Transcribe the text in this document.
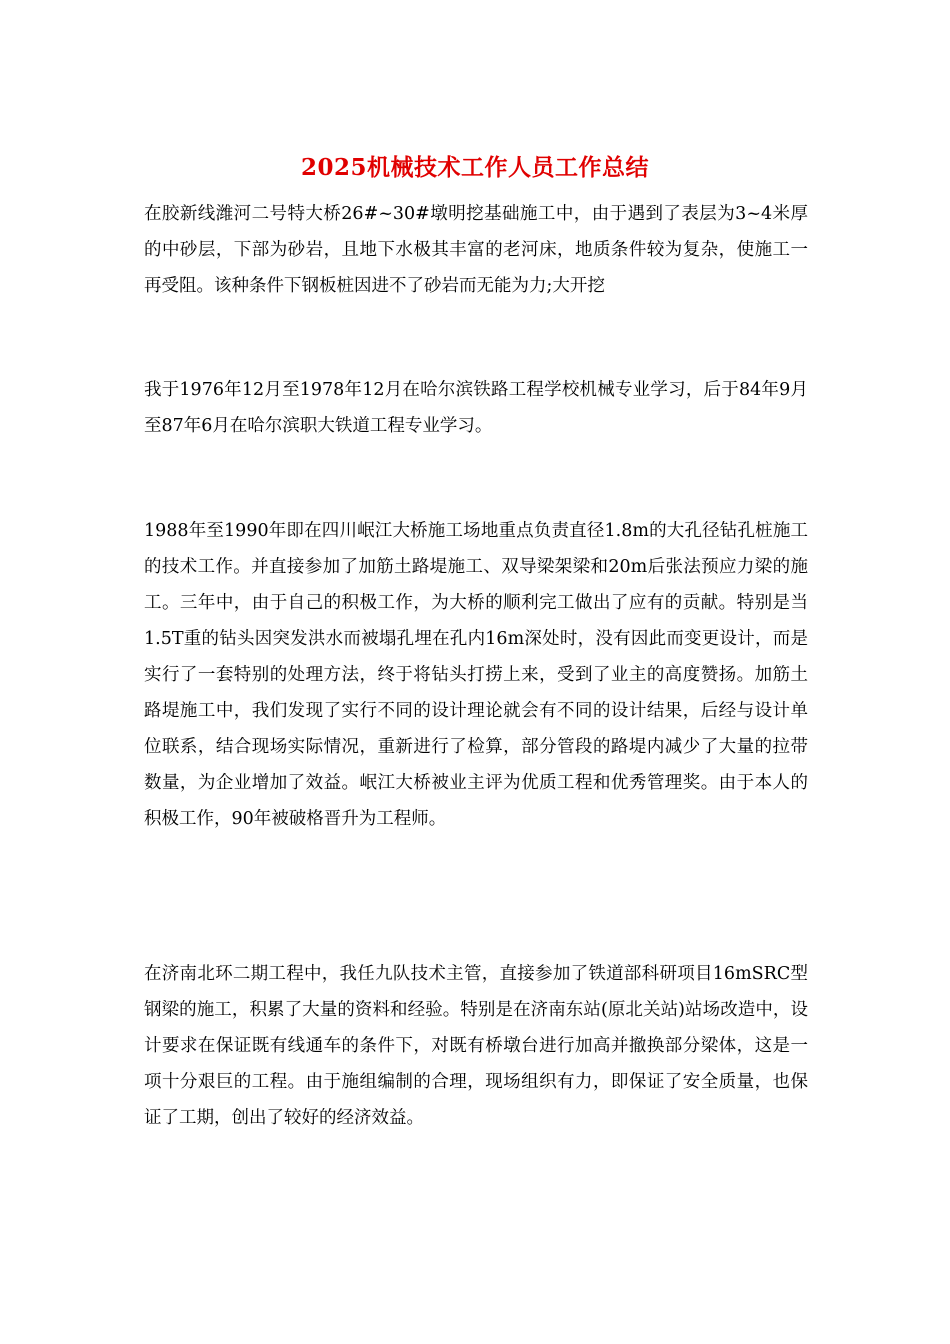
2025机械技术工作人员工作总结

在胶新线潍河二号特大桥26#~30#墩明挖基础施工中，由于遇到了表层为3~4米厚的中砂层，下部为砂岩，且地下水极其丰富的老河床，地质条件较为复杂，使施工一再受阻。该种条件下钢板桩因进不了砂岩而无能为力;大开挖

我于1976年12月至1978年12月在哈尔滨铁路工程学校机械专业学习，后于84年9月至87年6月在哈尔滨职大铁道工程专业学习。

1988年至1990年即在四川岷江大桥施工场地重点负责直径1.8m的大孔径钻孔桩施工的技术工作。并直接参加了加筋土路堤施工、双导梁架梁和20m后张法预应力梁的施工。三年中，由于自己的积极工作，为大桥的顺利完工做出了应有的贡献。特别是当1.5T重的钻头因突发洪水而被塌孔埋在孔内16m深处时，没有因此而变更设计，而是实行了一套特别的处理方法，终于将钻头打捞上来，受到了业主的高度赞扬。加筋土路堤施工中，我们发现了实行不同的设计理论就会有不同的设计结果，后经与设计单位联系，结合现场实际情况，重新进行了检算，部分管段的路堤内减少了大量的拉带数量，为企业增加了效益。岷江大桥被业主评为优质工程和优秀管理奖。由于本人的积极工作，90年被破格晋升为工程师。

在济南北环二期工程中，我任九队技术主管，直接参加了铁道部科研项目16mSRC型钢梁的施工，积累了大量的资料和经验。特别是在济南东站(原北关站)站场改造中，设计要求在保证既有线通车的条件下，对既有桥墩台进行加高并撤换部分梁体，这是一项十分艰巨的工程。由于施组编制的合理，现场组织有力，即保证了安全质量，也保证了工期，创出了较好的经济效益。
